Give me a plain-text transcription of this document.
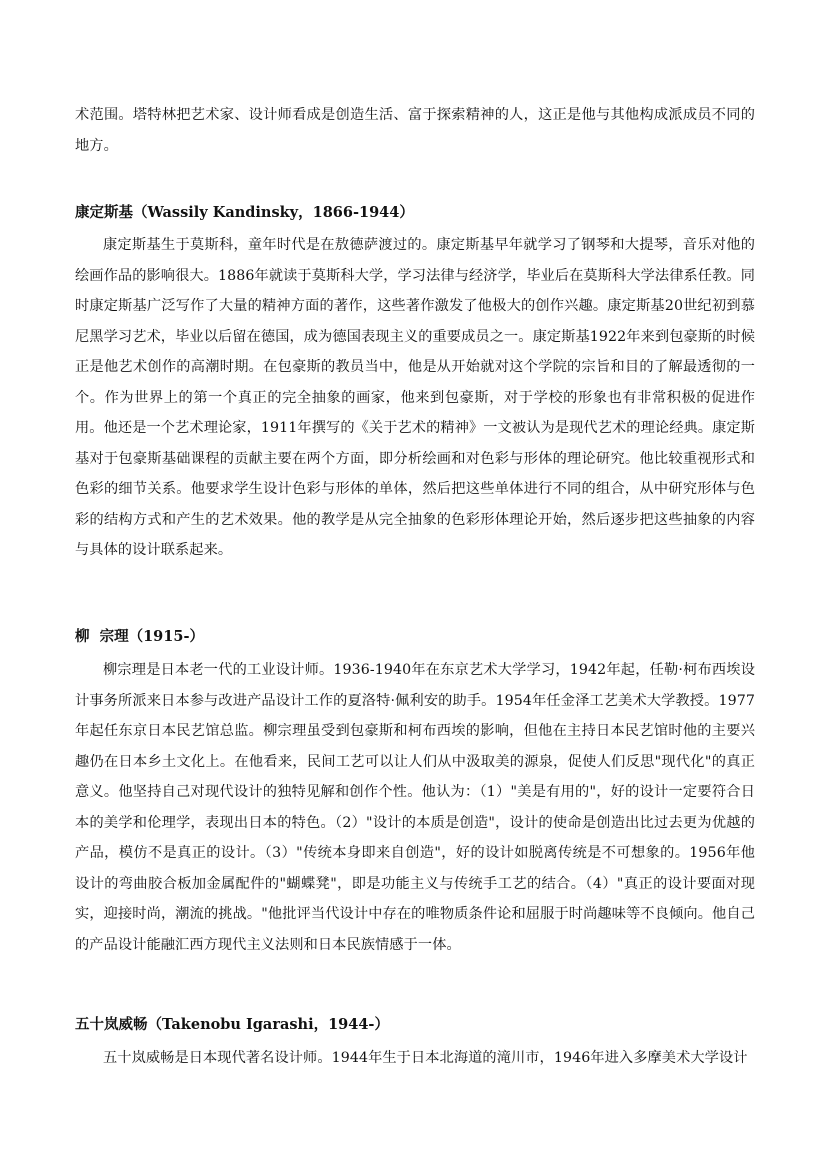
术范围。塔特林把艺术家、设计师看成是创造生活、富于探索精神的人，这正是他与其他构成派成员不同的地方。

康定斯基（Wassily Kandinsky，1866-1944）

康定斯基生于莫斯科，童年时代是在敖德萨渡过的。康定斯基早年就学习了钢琴和大提琴，音乐对他的绘画作品的影响很大。1886年就读于莫斯科大学，学习法律与经济学，毕业后在莫斯科大学法律系任教。同时康定斯基广泛写作了大量的精神方面的著作，这些著作激发了他极大的创作兴趣。康定斯基20世纪初到慕尼黑学习艺术，毕业以后留在德国，成为德国表现主义的重要成员之一。康定斯基1922年来到包豪斯的时候正是他艺术创作的高潮时期。在包豪斯的教员当中，他是从开始就对这个学院的宗旨和目的了解最透彻的一个。作为世界上的第一个真正的完全抽象的画家，他来到包豪斯，对于学校的形象也有非常积极的促进作用。他还是一个艺术理论家，1911年撰写的《关于艺术的精神》一文被认为是现代艺术的理论经典。康定斯基对于包豪斯基础课程的贡献主要在两个方面，即分析绘画和对色彩与形体的理论研究。他比较重视形式和色彩的细节关系。他要求学生设计色彩与形体的单体，然后把这些单体进行不同的组合，从中研究形体与色彩的结构方式和产生的艺术效果。他的教学是从完全抽象的色彩形体理论开始，然后逐步把这些抽象的内容与具体的设计联系起来。

柳  宗理（1915-）

柳宗理是日本老一代的工业设计师。1936-1940年在东京艺术大学学习，1942年起，任勒·柯布西埃设计事务所派来日本参与改进产品设计工作的夏洛特·佩利安的助手。1954年任金泽工艺美术大学教授。1977年起任东京日本民艺馆总监。柳宗理虽受到包豪斯和柯布西埃的影响，但他在主持日本民艺馆时他的主要兴趣仍在日本乡土文化上。在他看来，民间工艺可以让人们从中汲取美的源泉，促使人们反思"现代化"的真正意义。他坚持自己对现代设计的独特见解和创作个性。他认为：（1）"美是有用的"，好的设计一定要符合日本的美学和伦理学，表现出日本的特色。（2）"设计的本质是创造"，设计的使命是创造出比过去更为优越的产品，模仿不是真正的设计。（3）"传统本身即来自创造"，好的设计如脱离传统是不可想象的。1956年他设计的弯曲胶合板加金属配件的"蝴蝶凳"，即是功能主义与传统手工艺的结合。（4）"真正的设计要面对现实，迎接时尚，潮流的挑战。"他批评当代设计中存在的唯物质条件论和屈服于时尚趣味等不良倾向。他自己的产品设计能融汇西方现代主义法则和日本民族情感于一体。

五十岚威畅（Takenobu Igarashi，1944-）

五十岚威畅是日本现代著名设计师。1944年生于日本北海道的滝川市，1946年进入多摩美术大学设计
